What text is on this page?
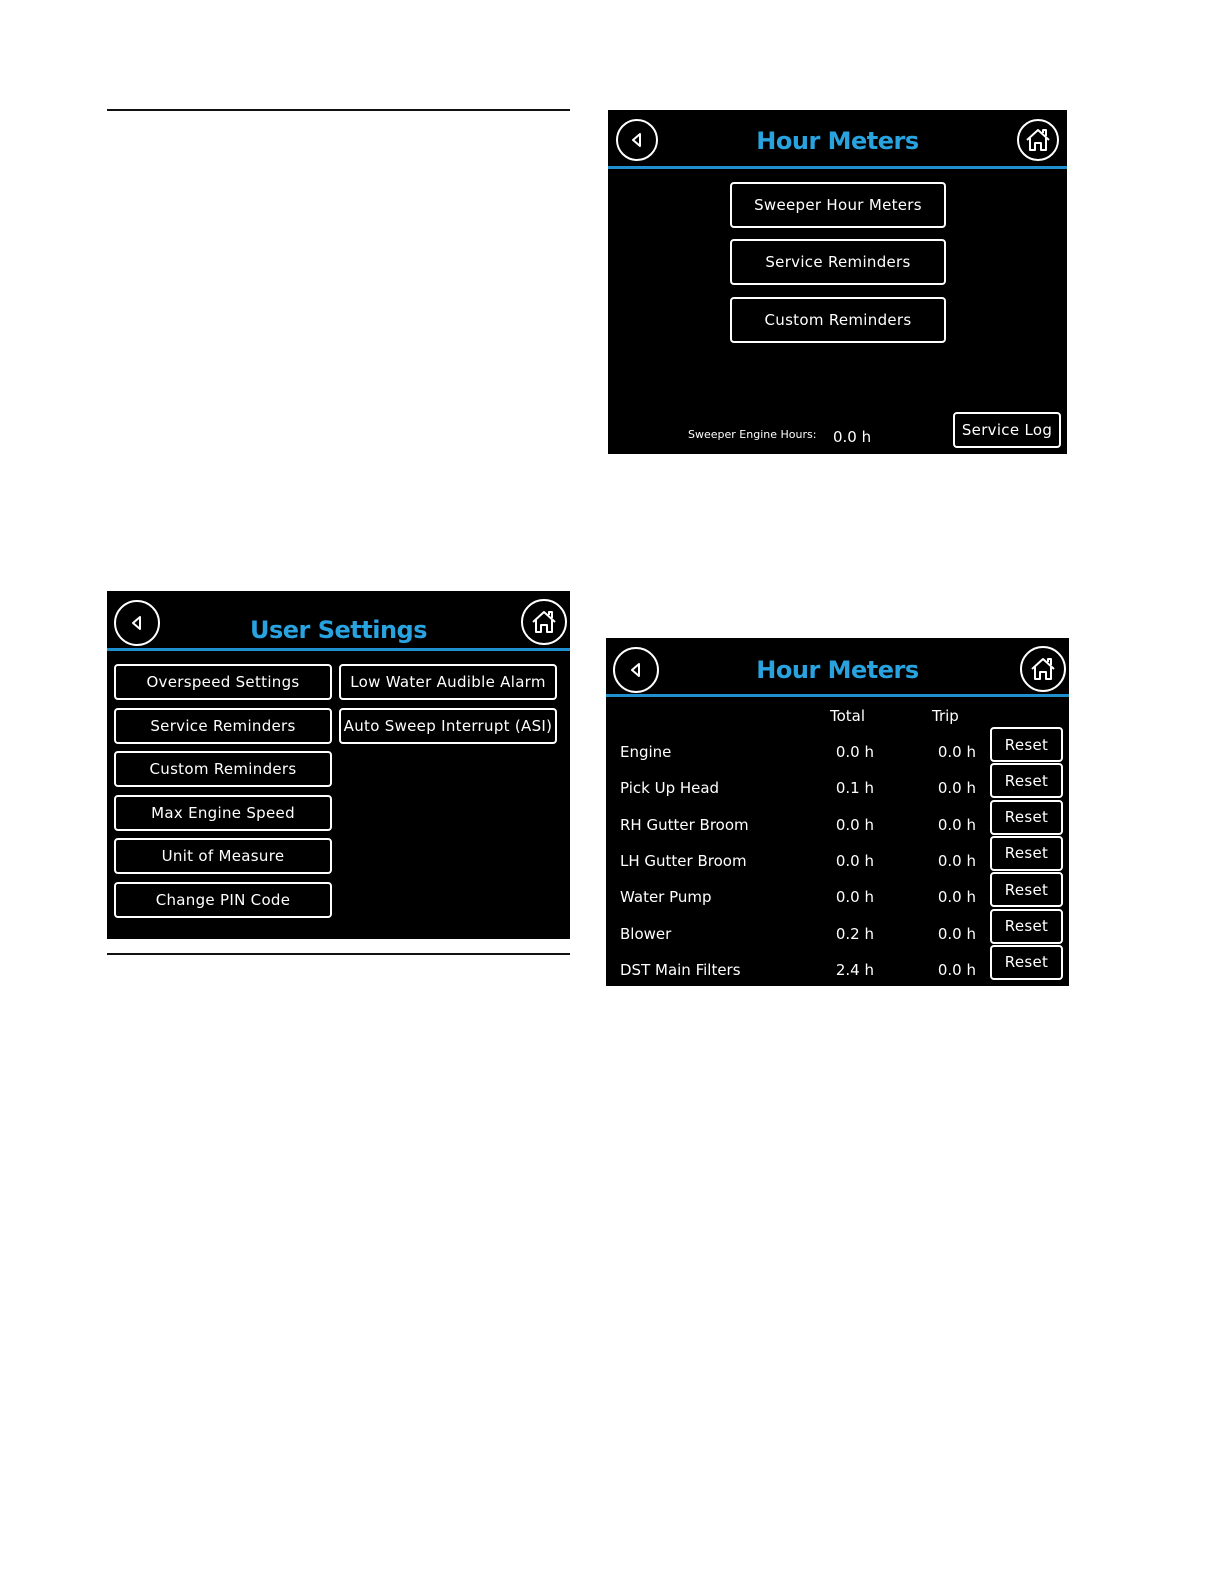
Hour Meters
Sweeper Hour Meters
Service Reminders
Custom Reminders
Sweeper Engine Hours: 0.0 h	Service Log
User Settings
Overspeed Settings
Service Reminders
Custom Reminders
Max Engine Speed
Unit of Measure
Change PIN Code
Low Water Audible Alarm
Auto Sweep Interrupt (ASI)
Hour Meters
Total	Trip
Engine	0.0 h	0.0 h	Reset
Pick Up Head	0.1 h	0.0 h	Reset
RH Gutter Broom	0.0 h	0.0 h	Reset
LH Gutter Broom	0.0 h	0.0 h	Reset
Water Pump	0.0 h	0.0 h	Reset
Blower	0.2 h	0.0 h	Reset
DST Main Filters	2.4 h	0.0 h	Reset
